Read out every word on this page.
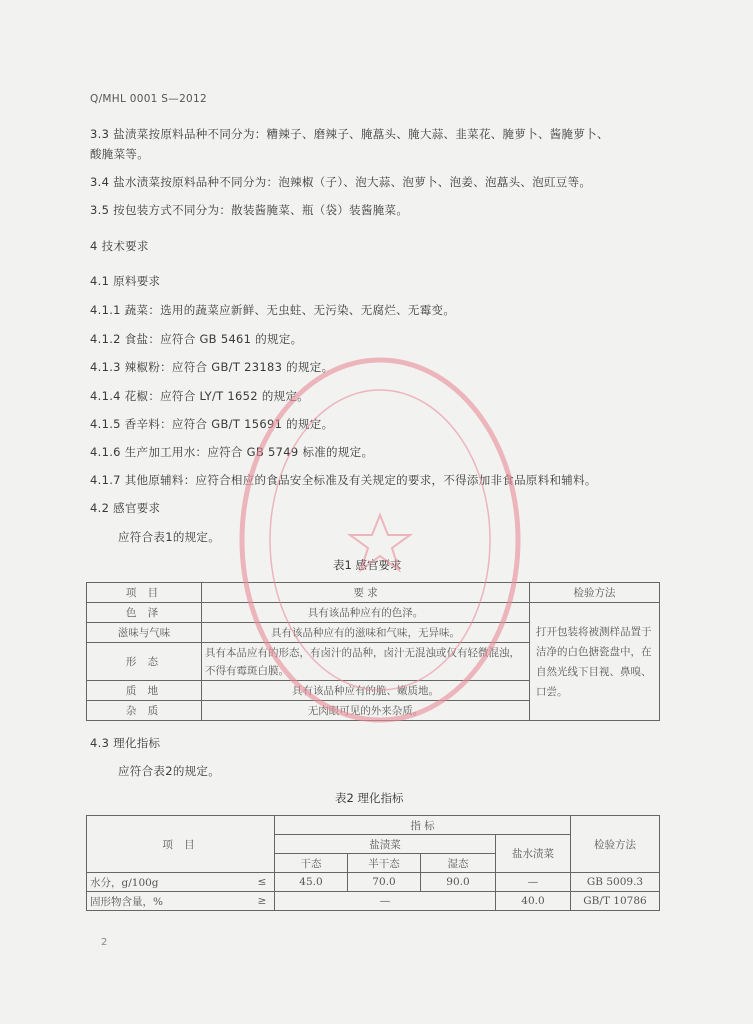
Q/MHL 0001 S—2012
3.3 盐渍菜按原料品种不同分为：糟辣子、磨辣子、腌藠头、腌大蒜、韭菜花、腌萝卜、酱腌萝卜、
酸腌菜等。
3.4 盐水渍菜按原料品种不同分为：泡辣椒（子）、泡大蒜、泡萝卜、泡姜、泡藠头、泡豇豆等。
3.5 按包装方式不同分为：散装酱腌菜、瓶（袋）装酱腌菜。
4 技术要求
4.1 原料要求
4.1.1 蔬菜：选用的蔬菜应新鲜、无虫蛀、无污染、无腐烂、无霉变。
4.1.2 食盐：应符合 GB 5461 的规定。
4.1.3 辣椒粉：应符合 GB/T 23183 的规定。
4.1.4 花椒：应符合 LY/T 1652 的规定。
4.1.5 香辛料：应符合 GB/T 15691 的规定。
4.1.6 生产加工用水：应符合 GB 5749 标准的规定。
4.1.7 其他原辅料：应符合相应的食品安全标准及有关规定的要求，不得添加非食品原料和辅料。
4.2 感官要求
应符合表1的规定。
表1 感官要求
项 目	要 求	检验方法
色 泽	具有该品种应有的色泽。	打开包装将被测样品置于洁净的白色搪瓷盘中，在自然光线下目视、鼻嗅、口尝。
滋味与气味	具有该品种应有的滋味和气味，无异味。	
形 态	具有本品应有的形态，有卤汁的品种，卤汁无混浊或仅有轻微混浊，不得有霉斑白膜。	
质 地	具有该品种应有的脆、嫩质地。	
杂 质	无肉眼可见的外来杂质。	
4.3 理化指标
应符合表2的规定。
表2 理化指标
项 目		指 标				检验方法
		盐渍菜			盐水渍菜	
		干态	半干态	湿态		
水分，g/100g	≤	45.0	70.0	90.0	—	GB 5009.3
固形物含量，%	≥	—			40.0	GB/T 10786
2
